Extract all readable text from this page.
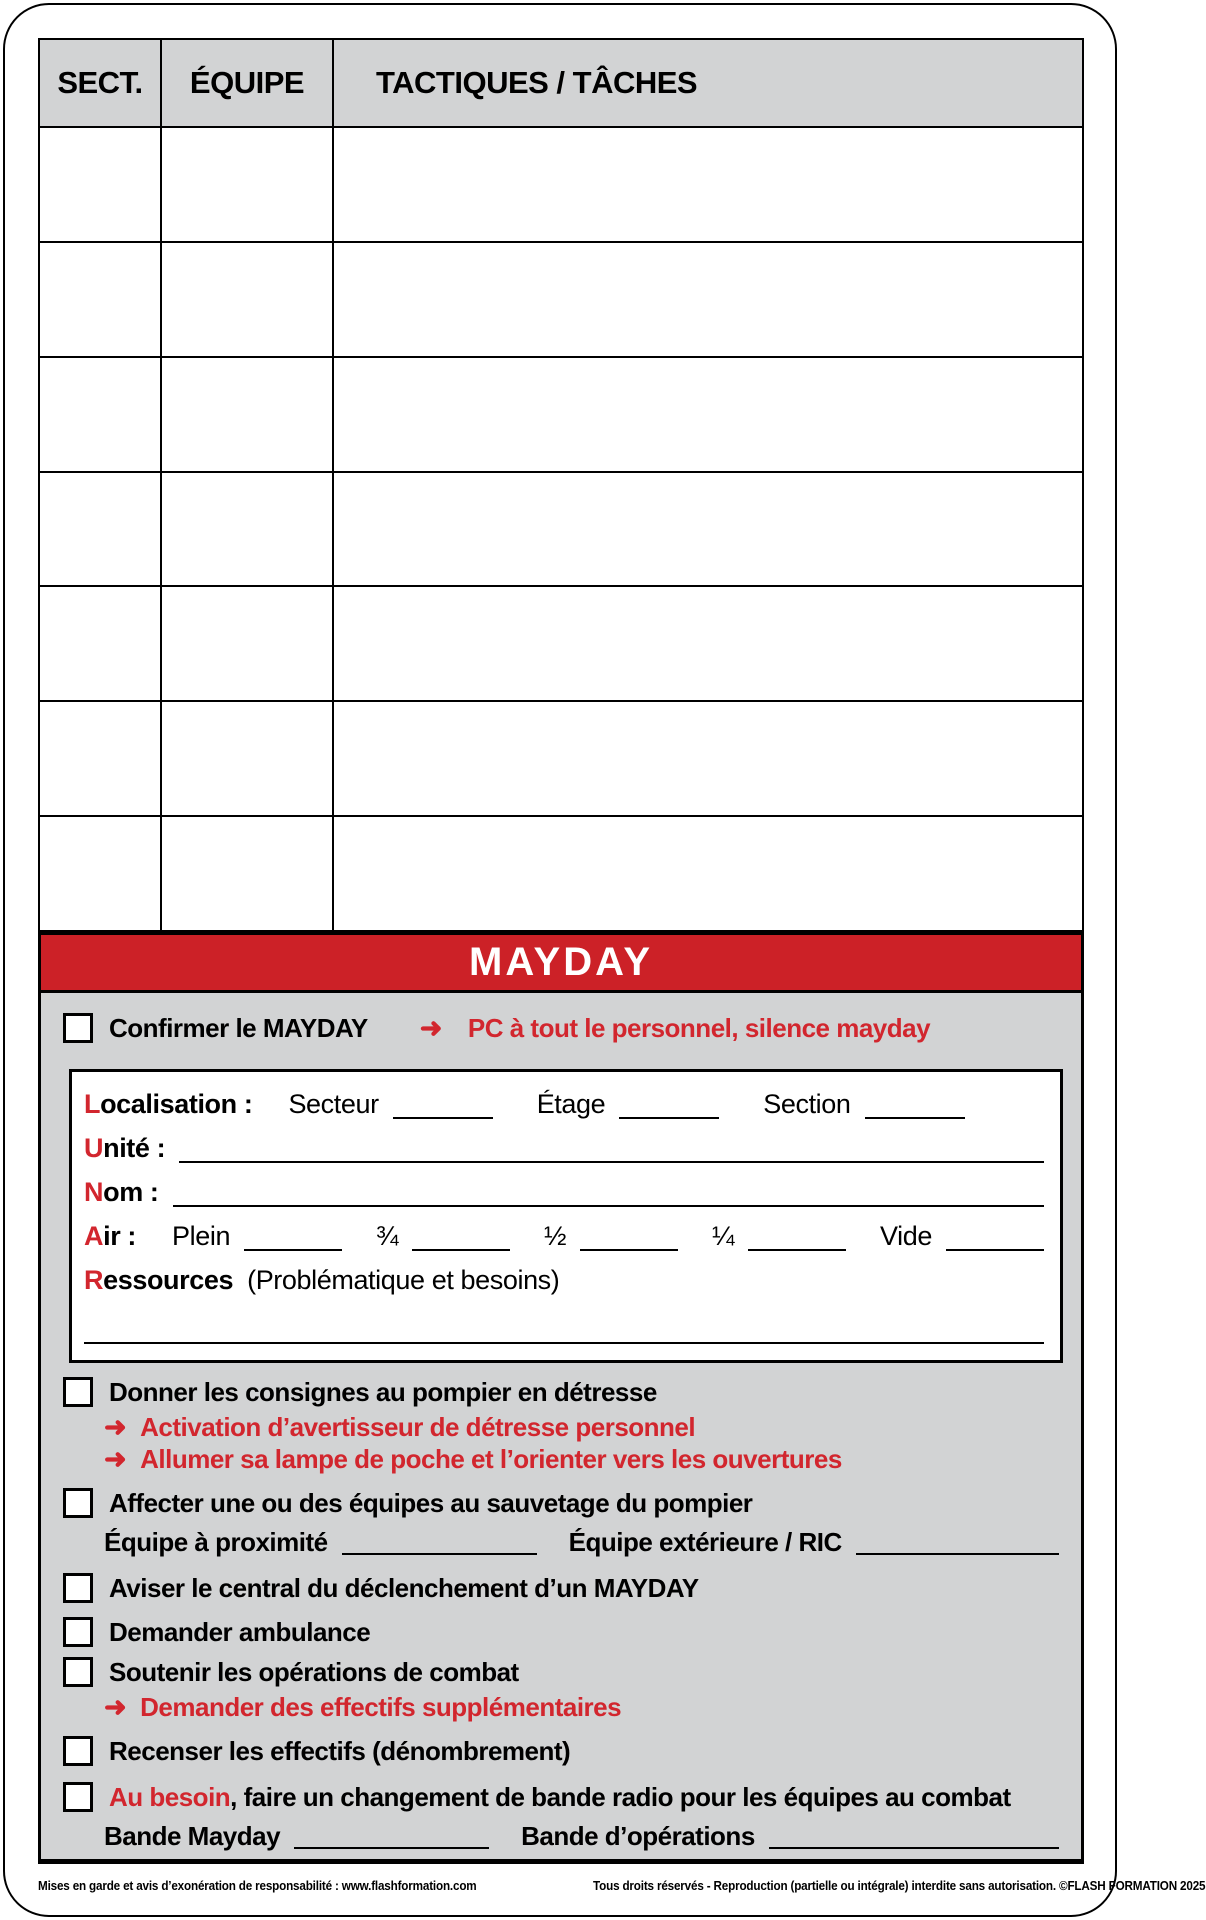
SECT.	ÉQUIPE	TACTIQUES / TÂCHES
MAYDAY
Confirmer le MAYDAY ➜ PC à tout le personnel, silence mayday
L ocalisation : Secteur	Étage	Section
U nité :
N om :
A ir : Plein	¾	½	¼	Vide
R essources (Problématique et besoins)
Donner les consignes au pompier en détresse
➜ Activation d’avertisseur de détresse personnel
➜ Allumer sa lampe de poche et l’orienter vers les ouvertures
Affecter une ou des équipes au sauvetage du pompier
Équipe à proximité	Équipe extérieure / RIC
Aviser le central du déclenchement d’un MAYDAY
Demander ambulance
Soutenir les opérations de combat
➜ Demander des effectifs supplémentaires
Recenser les effectifs (dénombrement)
Au besoin, faire un changement de bande radio pour les équipes au combat
Bande Mayday	Bande d’opérations
Mises en garde et avis d’exonération de responsabilité : www.flashformation.com	Tous droits réservés - Reproduction (partielle ou intégrale) interdite sans autorisation. ©FLASH FORMATION 2025
